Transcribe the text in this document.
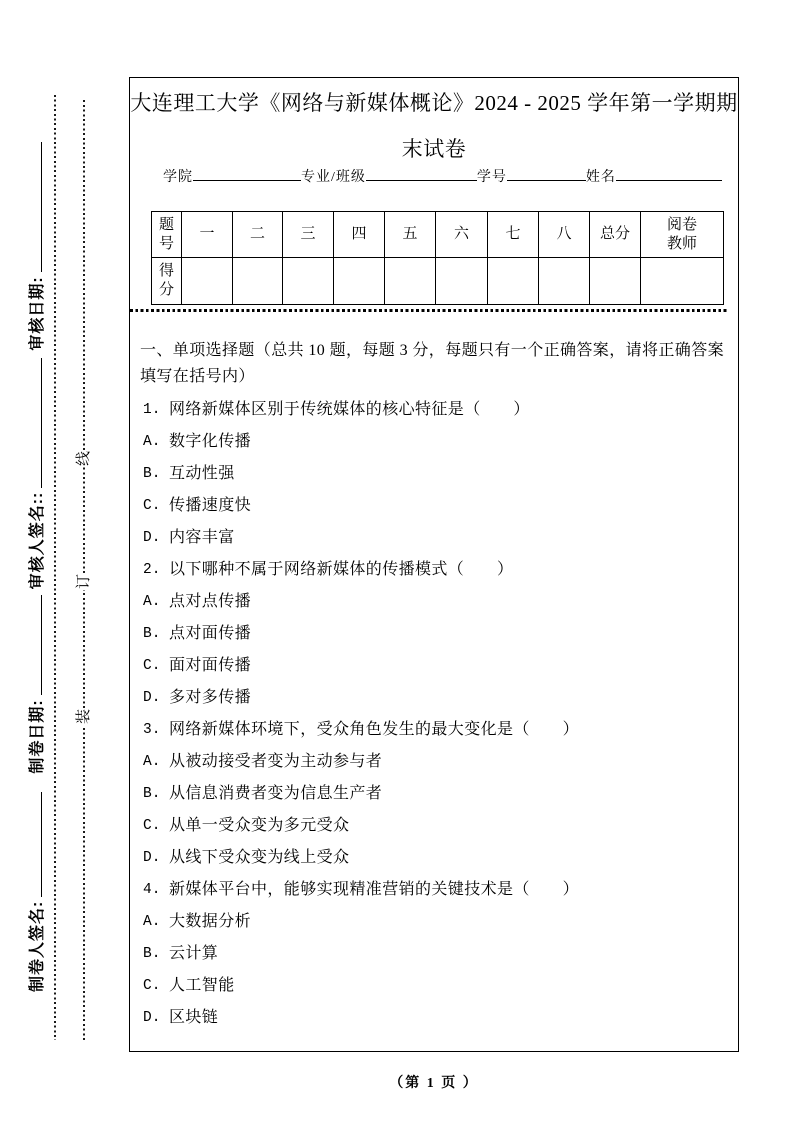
制卷人签名:
制卷日期:
审核人签名::
审核日期:
装
订
线
大连理工大学《网络与新媒体概论》2024 - 2025 学年第一学期期
末试卷
学院	专业/班级	学号	姓名
题号	一	二	三	四	五	六	七	八	总分	阅卷教师
得分										
一、单项选择题（总共 10 题，每题 3 分，每题只有一个正确答案，请将正确答案填写在括号内）
1. 网络新媒体区别于传统媒体的核心特征是（　　）
A. 数字化传播
B. 互动性强
C. 传播速度快
D. 内容丰富
2. 以下哪种不属于网络新媒体的传播模式（　　）
A. 点对点传播
B. 点对面传播
C. 面对面传播
D. 多对多传播
3. 网络新媒体环境下，受众角色发生的最大变化是（　　）
A. 从被动接受者变为主动参与者
B. 从信息消费者变为信息生产者
C. 从单一受众变为多元受众
D. 从线下受众变为线上受众
4. 新媒体平台中，能够实现精准营销的关键技术是（　　）
A. 大数据分析
B. 云计算
C. 人工智能
D. 区块链
（第 1 页 ）
